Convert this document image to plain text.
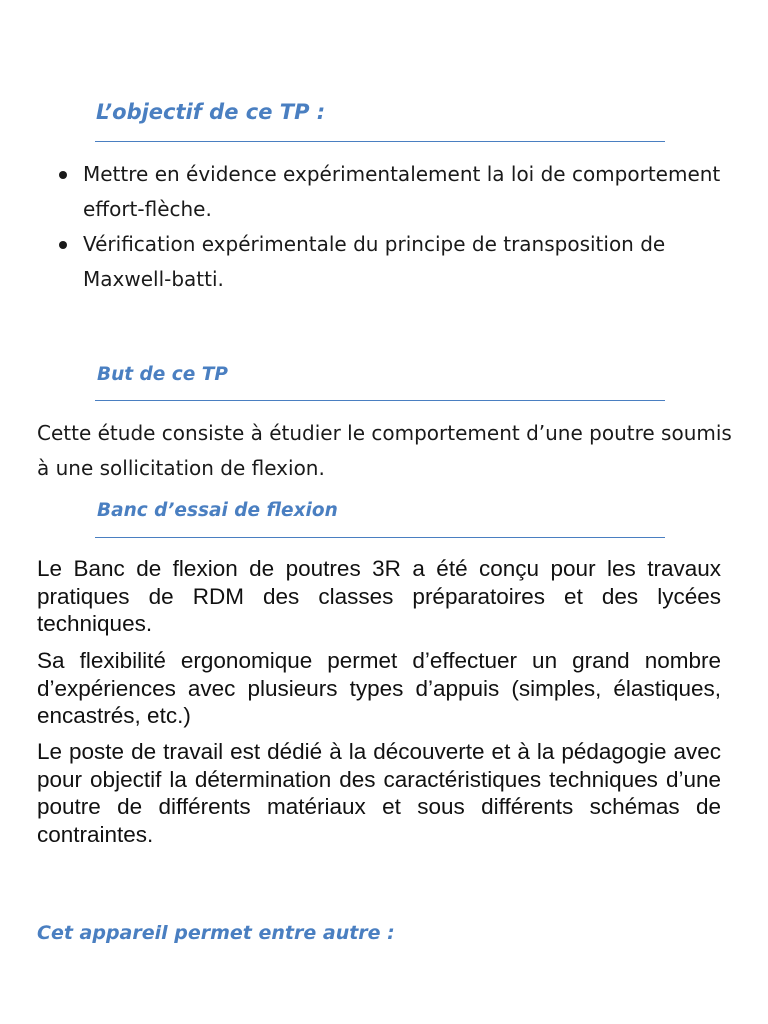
L’objectif de ce TP :
Mettre en évidence expérimentalement la loi de comportement effort-flèche.
Vérification expérimentale du principe de transposition de Maxwell-batti.
But de ce TP

Cette étude consiste à étudier le comportement d’une poutre soumis à une sollicitation de flexion.

Banc d’essai de flexion

Le Banc de flexion de poutres 3R a été conçu pour les travaux pratiques de RDM des classes préparatoires et des lycées techniques.

Sa flexibilité ergonomique permet d’effectuer un grand nombre d’expériences avec plusieurs types d’appuis (simples, élastiques, encastrés, etc.)

Le poste de travail est dédié à la découverte et à la pédagogie avec pour objectif la détermination des caractéristiques techniques d’une poutre de différents matériaux et sous différents schémas de contraintes.

Cet appareil permet entre autre :
